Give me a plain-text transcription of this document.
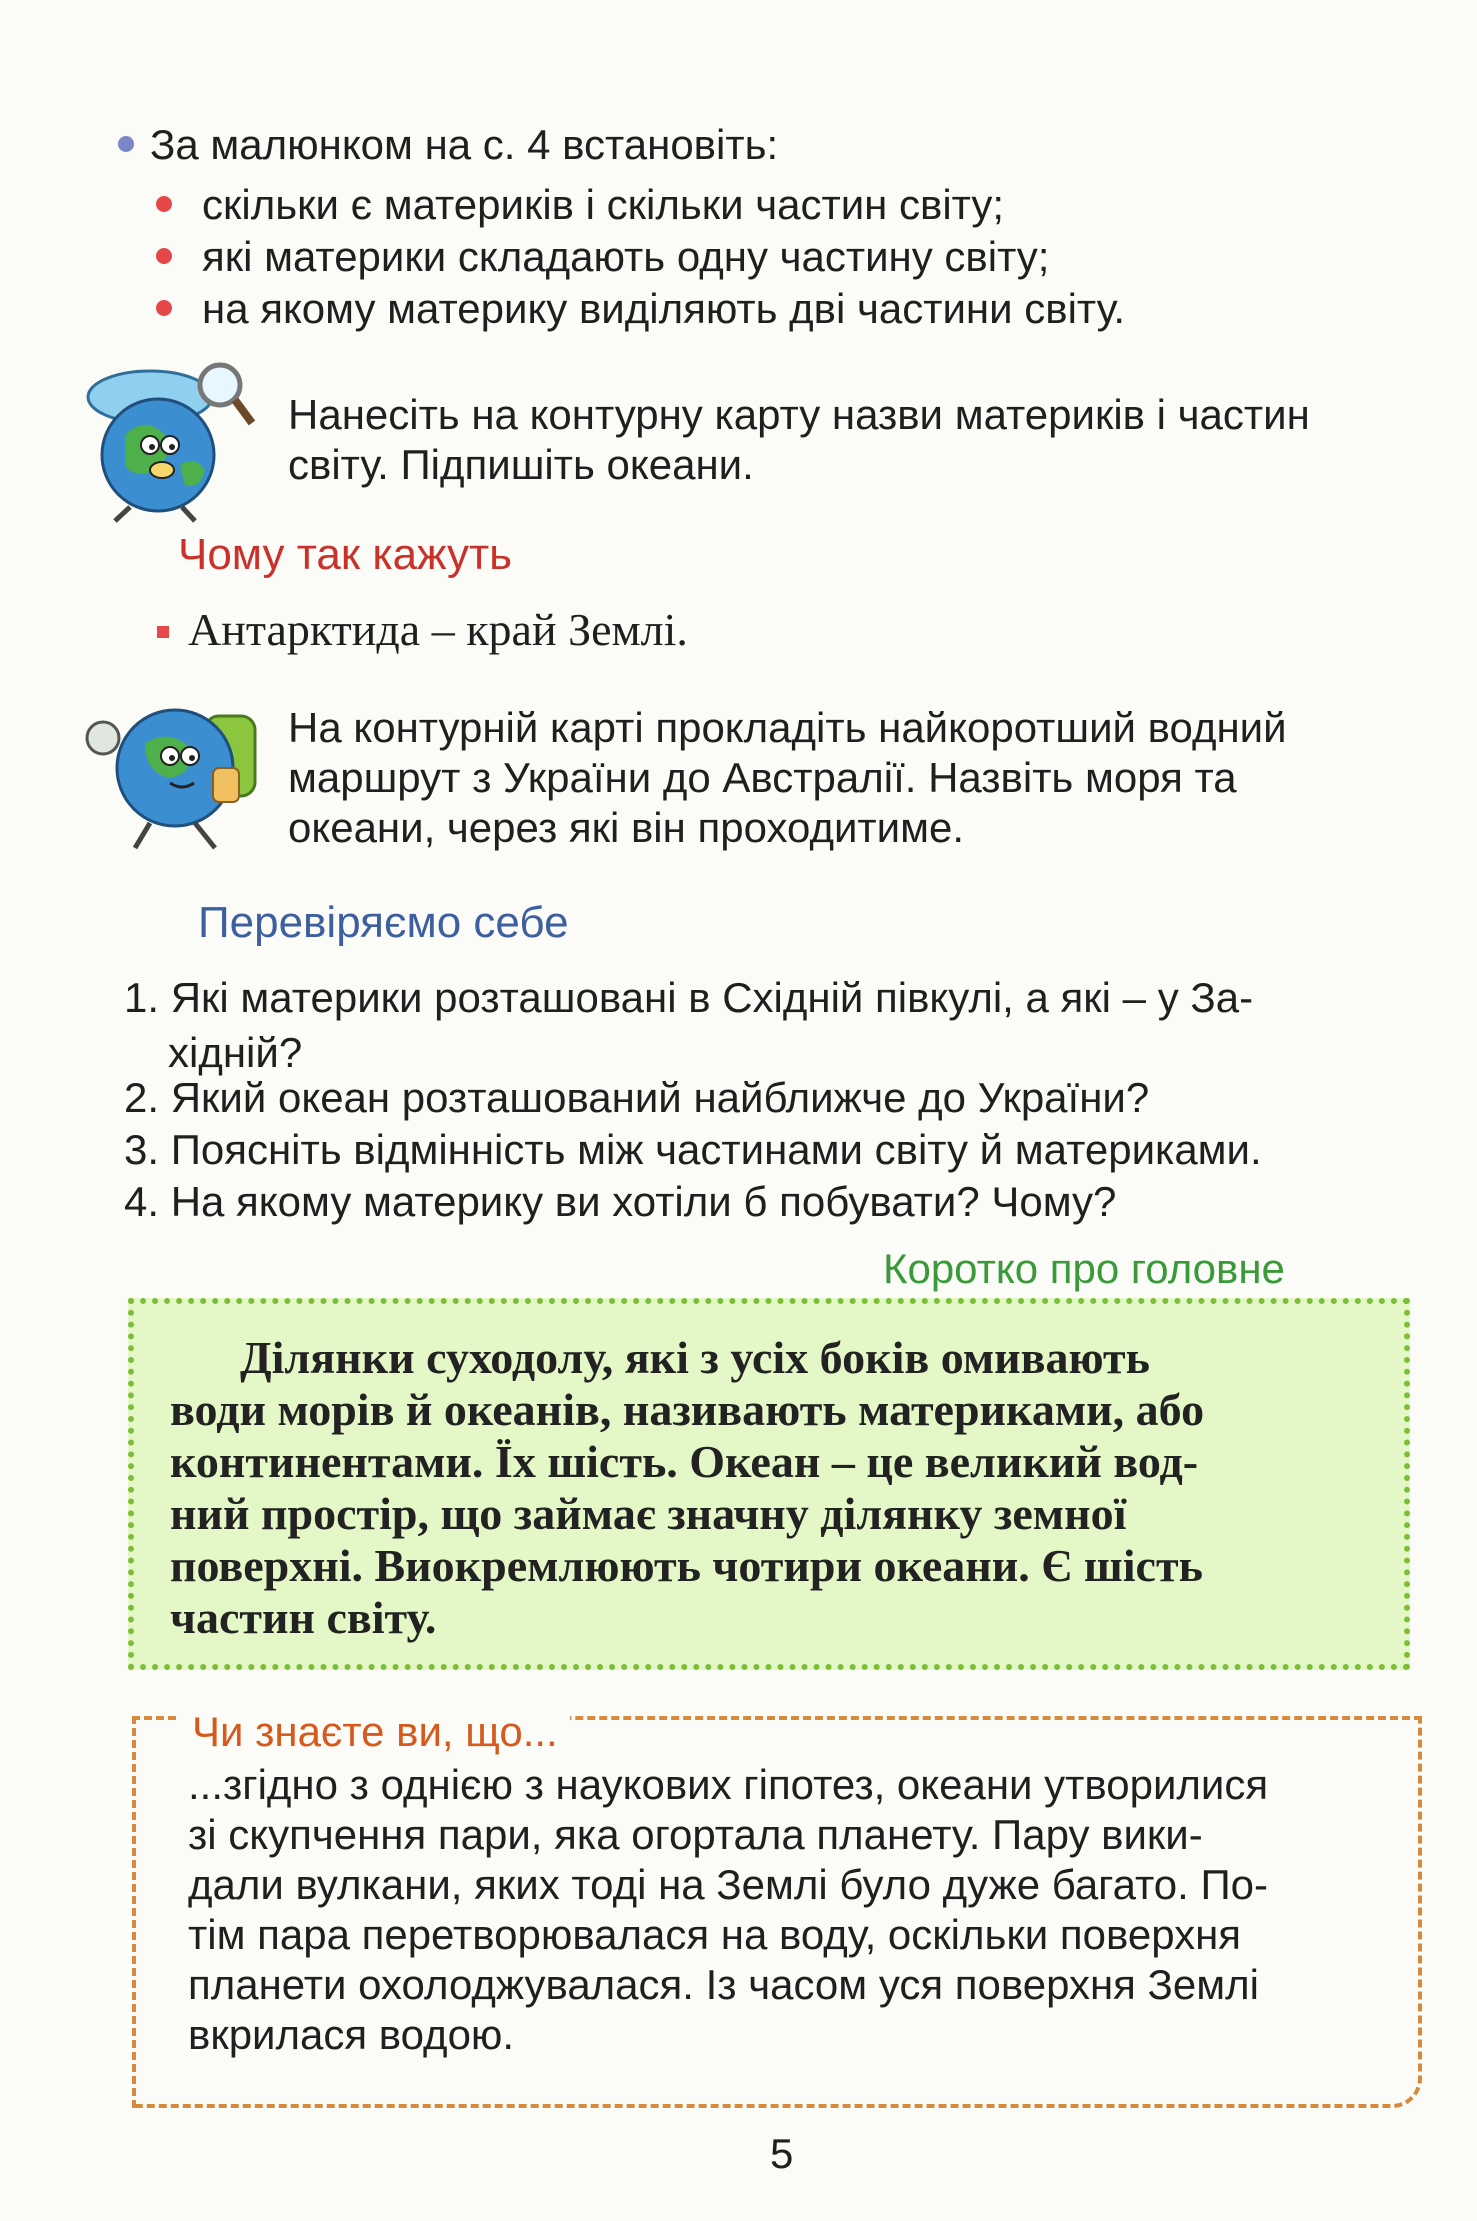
За малюнком на с. 4 встановіть:
скільки є материків і скільки частин світу;
які материки складають одну частину світу;
на якому материку виділяють дві частини світу.
Нанесіть на контурну карту назви материків і частин
світу. Підпишіть океани.
Чому так кажуть
Антарктида – край Землі.
На контурній карті прокладіть найкоротший водний
маршрут з України до Австралії. Назвіть моря та
океани, через які він проходитиме.
Перевіряємо себе
1. Які материки розташовані в Східній півкулі, а які – у За-
хідній?
2. Який океан розташований найближче до України?
3. Поясніть відмінність між частинами світу й материками.
4. На якому материку ви хотіли б побувати? Чому?
Коротко про головне
Ділянки суходолу, які з усіх боків омивають
води морів й океанів, називають материками, або
континентами. Їх шість. Океан – це великий вод-
ний простір, що займає значну ділянку земної
поверхні. Виокремлюють чотири океани. Є шість
частин світу.
Чи знаєте ви, що...
...згідно з однією з наукових гіпотез, океани утворилися
зі скупчення пари, яка огортала планету. Пару вики-
дали вулкани, яких тоді на Землі було дуже багато. По-
тім пара перетворювалася на воду, оскільки поверхня
планети охолоджувалася. Із часом уся поверхня Землі
вкрилася водою.
5
